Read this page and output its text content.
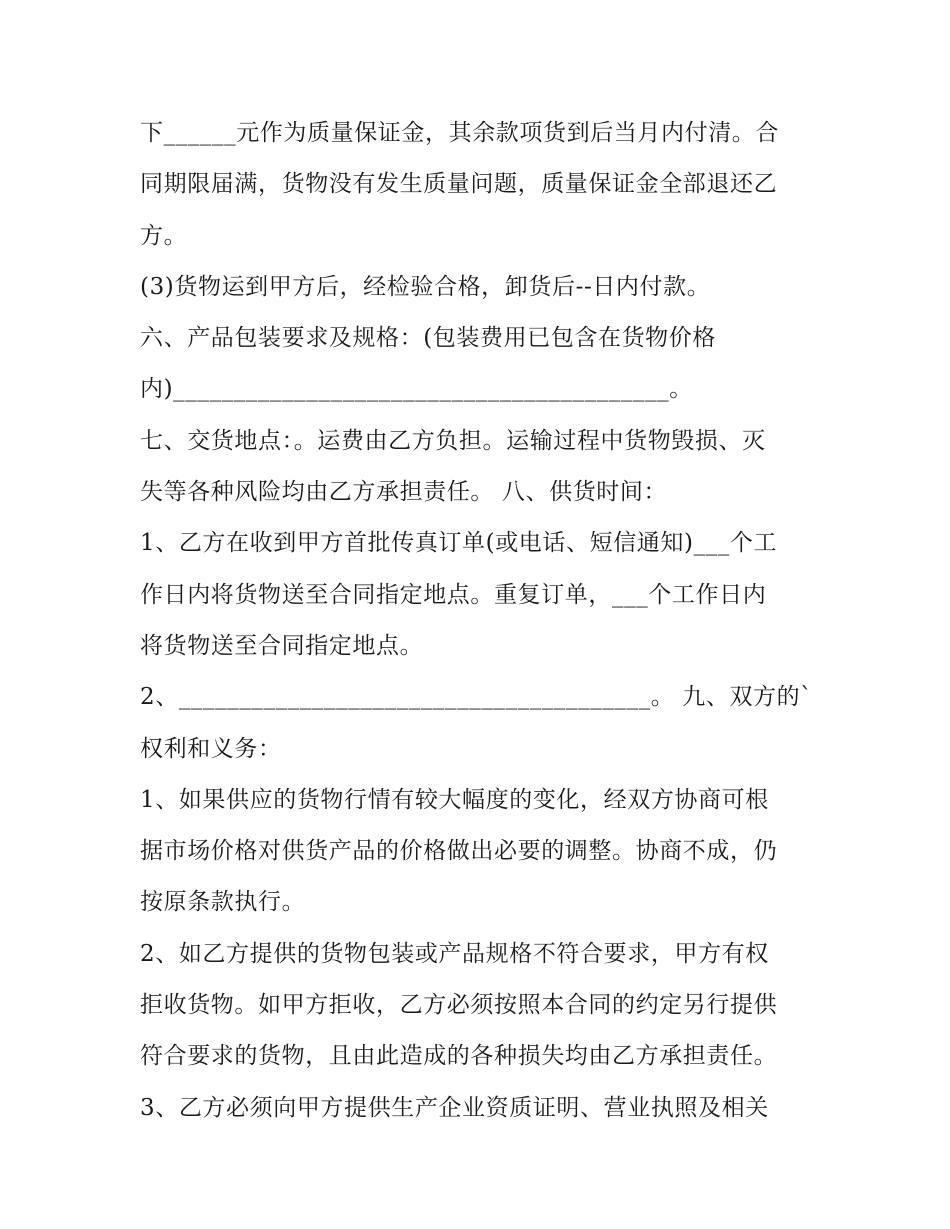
下______元作为质量保证金，其余款项货到后当月内付清。合
同期限届满，货物没有发生质量问题，质量保证金全部退还乙
方。
(3)货物运到甲方后，经检验合格，卸货后--日内付款。
六、产品包装要求及规格：(包装费用已包含在货物价格
内)_________________________________________。
七、交货地点：。运费由乙方负担。运输过程中货物毁损、灭
失等各种风险均由乙方承担责任。 八、供货时间：
1、乙方在收到甲方首批传真订单(或电话、短信通知)___个工
作日内将货物送至合同指定地点。重复订单，___个工作日内
将货物送至合同指定地点。
2、_______________________________________。 九、双方的`
权利和义务：
1、如果供应的货物行情有较大幅度的变化，经双方协商可根
据市场价格对供货产品的价格做出必要的调整。协商不成，仍
按原条款执行。
2、如乙方提供的货物包装或产品规格不符合要求，甲方有权
拒收货物。如甲方拒收，乙方必须按照本合同的约定另行提供
符合要求的货物，且由此造成的各种损失均由乙方承担责任。
3、乙方必须向甲方提供生产企业资质证明、营业执照及相关
